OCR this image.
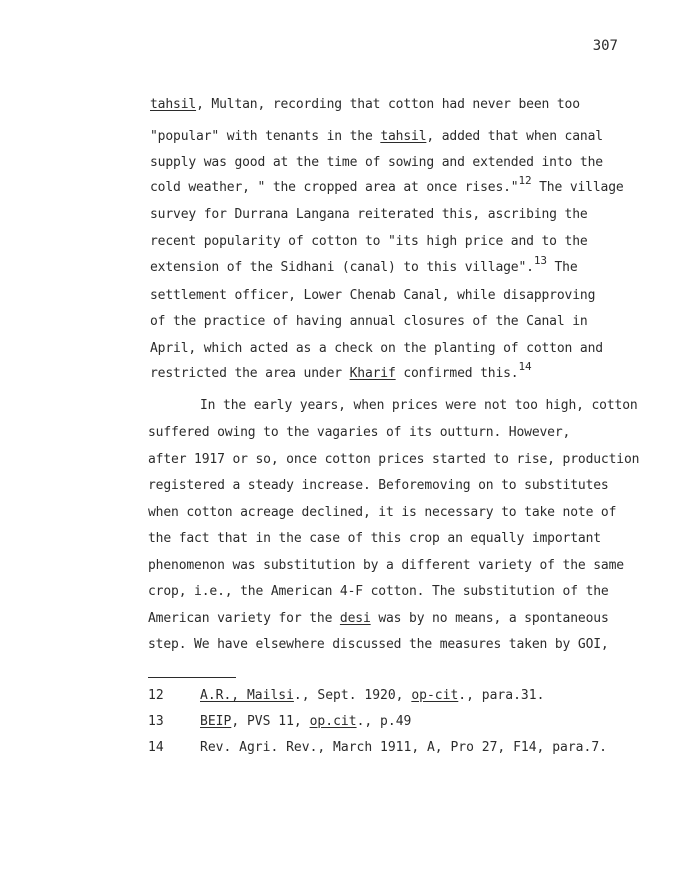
307
tahsil, Multan, recording that cotton had never been too
"popular" with tenants in the tahsil, added that when canal
supply was good at the time of sowing and extended into the
cold weather, " the cropped area at once rises."$^{12}$ The village
survey for Durrana Langana reiterated this, ascribing the
recent popularity of cotton to "its high price and to the
extension of the Sidhani (canal) to this village".$^{13}$ The
settlement officer, Lower Chenab Canal, while disapproving
of the practice of having annual closures of the Canal in
April, which acted as a check on the planting of cotton and
restricted the area under Kharif confirmed this.$^{14}$
In the early years, when prices were not too high, cotton
suffered owing to the vagaries of its outturn. However,
after 1917 or so, once cotton prices started to rise, production
registered a steady increase. Beforemoving on to substitutes
when cotton acreage declined, it is necessary to take note of
the fact that in the case of this crop an equally important
phenomenon was substitution by a different variety of the same
crop, i.e., the American 4-F cotton. The substitution of the
American variety for the desi was by no means, a spontaneous
step. We have elsewhere discussed the measures taken by GOI,
12	A.R., Mailsi., Sept. 1920, op-cit., para.31.
13	BEIP, PVS 11, op.cit., p.49
14	Rev. Agri. Rev., March 1911, A, Pro 27, F14, para.7.
